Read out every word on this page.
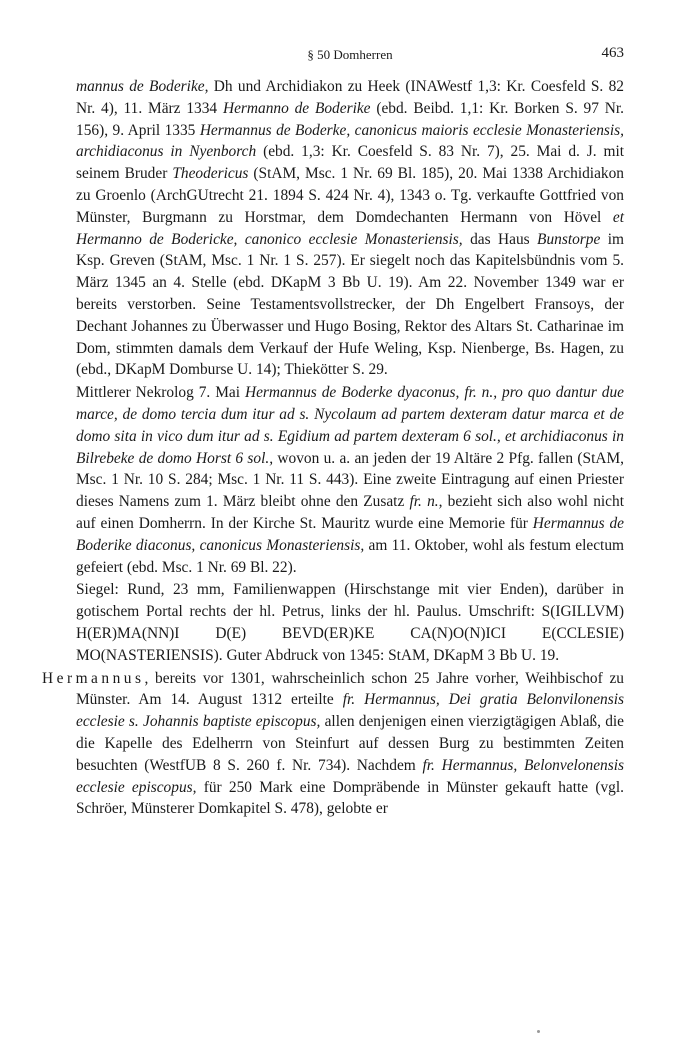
§ 50 Domherren	463

mannus de Boderike, Dh und Archidiakon zu Heek (INAWestf 1,3: Kr. Coesfeld S. 82 Nr. 4), 11. März 1334 Hermanno de Boderike (ebd. Beibd. 1,1: Kr. Borken S. 97 Nr. 156), 9. April 1335 Hermannus de Boderke, canonicus maioris ecclesie Monasteriensis, archidiaconus in Nyenborch (ebd. 1,3: Kr. Coesfeld S. 83 Nr. 7), 25. Mai d. J. mit seinem Bruder Theodericus (StAM, Msc. 1 Nr. 69 Bl. 185), 20. Mai 1338 Archidiakon zu Groenlo (ArchGUtrecht 21. 1894 S. 424 Nr. 4), 1343 o. Tg. verkaufte Gottfried von Münster, Burgmann zu Horstmar, dem Domdechanten Hermann von Hövel et Hermanno de Bodericke, canonico ecclesie Monasteriensis, das Haus Bunstorpe im Ksp. Greven (StAM, Msc. 1 Nr. 1 S. 257). Er siegelt noch das Kapitelsbündnis vom 5. März 1345 an 4. Stelle (ebd. DKapM 3 Bb U. 19). Am 22. November 1349 war er bereits verstorben. Seine Testamentsvollstrecker, der Dh Engelbert Fransoys, der Dechant Johannes zu Überwasser und Hugo Bosing, Rektor des Altars St. Catharinae im Dom, stimmten damals dem Verkauf der Hufe Weling, Ksp. Nienberge, Bs. Hagen, zu (ebd., DKapM Domburse U. 14); Thiekötter S. 29.

Mittlerer Nekrolog 7. Mai Hermannus de Boderke dyaconus, fr. n., pro quo dantur due marce, de domo tercia dum itur ad s. Nycolaum ad partem dexteram datur marca et de domo sita in vico dum itur ad s. Egidium ad partem dexteram 6 sol., et archidiaconus in Bilrebeke de domo Horst 6 sol., wovon u. a. an jeden der 19 Altäre 2 Pfg. fallen (StAM, Msc. 1 Nr. 10 S. 284; Msc. 1 Nr. 11 S. 443). Eine zweite Eintragung auf einen Priester dieses Namens zum 1. März bleibt ohne den Zusatz fr. n., bezieht sich also wohl nicht auf einen Domherrn. In der Kirche St. Mauritz wurde eine Memorie für Hermannus de Boderike diaconus, canonicus Monasteriensis, am 11. Oktober, wohl als festum electum gefeiert (ebd. Msc. 1 Nr. 69 Bl. 22).

Siegel: Rund, 23 mm, Familienwappen (Hirschstange mit vier Enden), darüber in gotischem Portal rechts der hl. Petrus, links der hl. Paulus. Umschrift: S(IGILLVM) H(ER)MA(NN)I D(E) BEVD(ER)KE CA(N)O(N)ICI E(CCLESIE) MO(NASTERIENSIS). Guter Abdruck von 1345: StAM, DKapM 3 Bb U. 19.

Hermannus, bereits vor 1301, wahrscheinlich schon 25 Jahre vorher, Weihbischof zu Münster. Am 14. August 1312 erteilte fr. Hermannus, Dei gratia Belonvilonensis ecclesie s. Johannis baptiste episcopus, allen denjenigen einen vierzigtägigen Ablaß, die die Kapelle des Edelherrn von Steinfurt auf dessen Burg zu bestimmten Zeiten besuchten (WestfUB 8 S. 260 f. Nr. 734). Nachdem fr. Hermannus, Belonvelonensis ecclesie episcopus, für 250 Mark eine Dompräbende in Münster gekauft hatte (vgl. Schröer, Münsterer Domkapitel S. 478), gelobte er
